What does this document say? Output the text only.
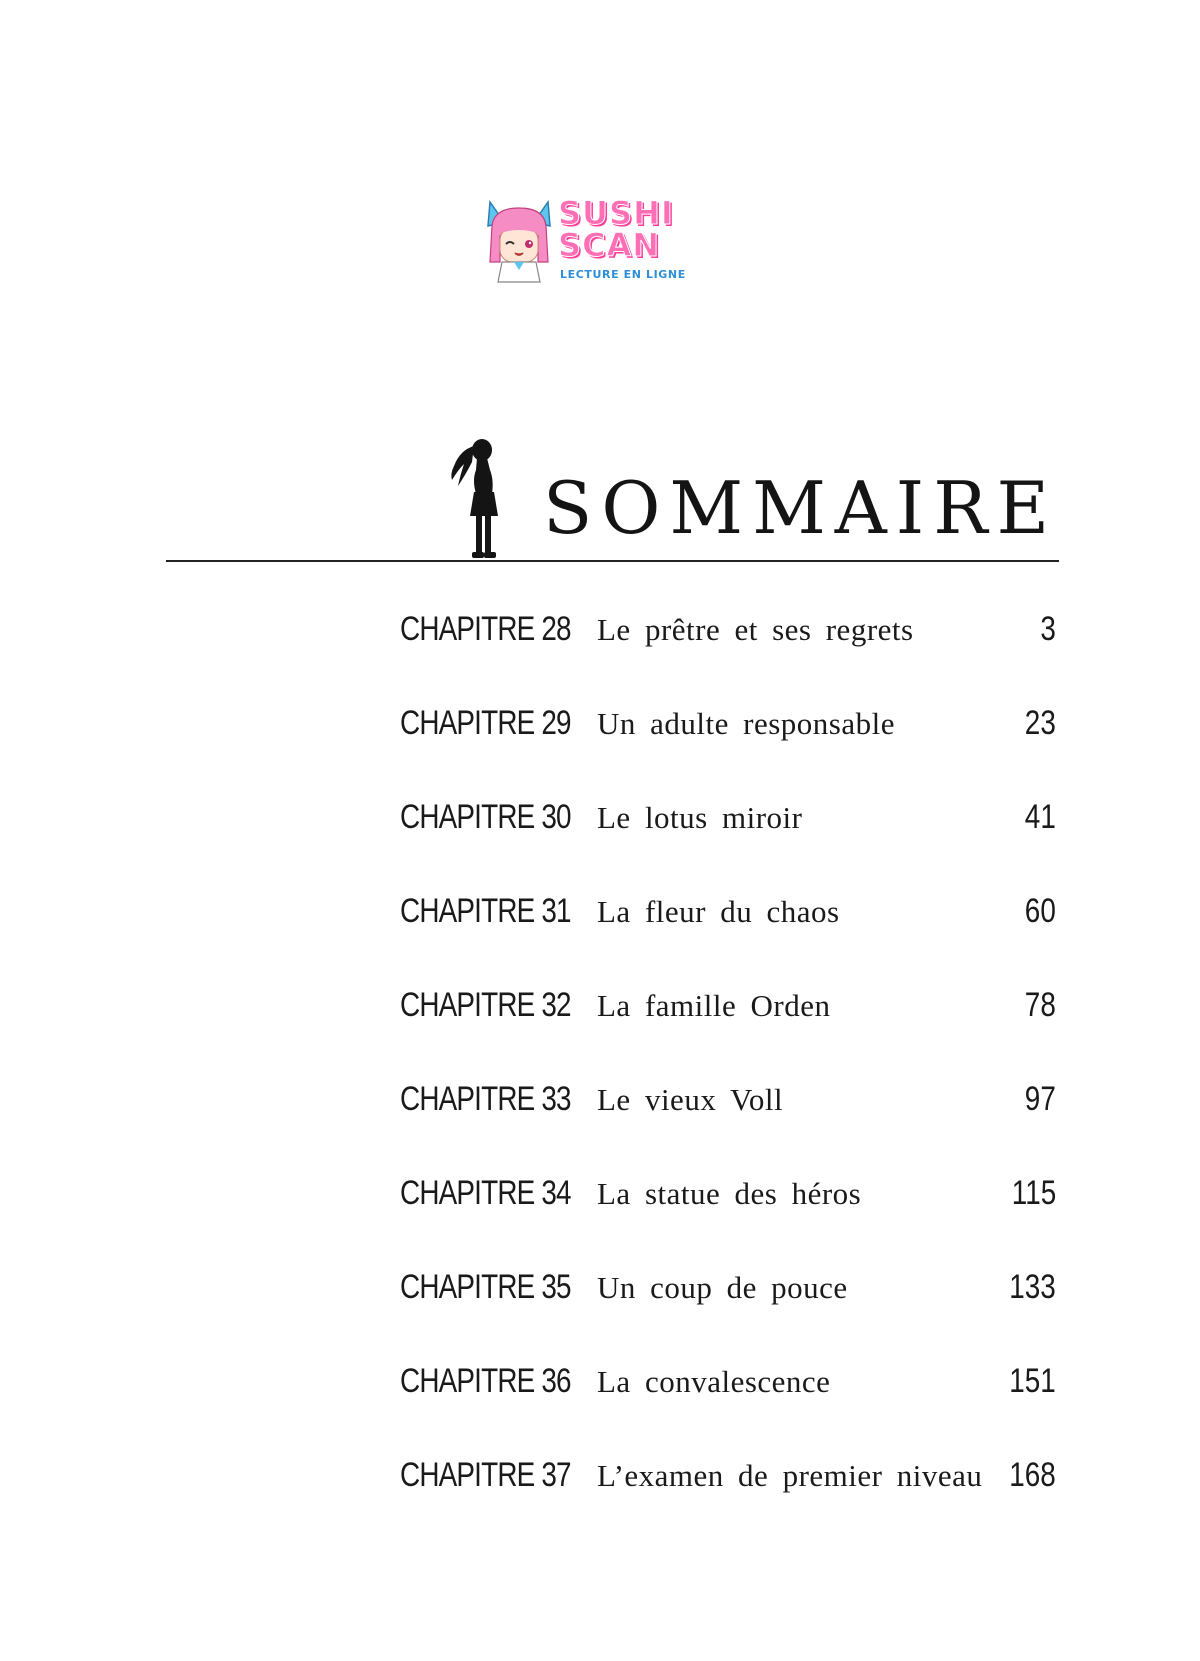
SUSHI
SCAN
LECTURE EN LIGNE
SOMMAIRE
CHAPITRE 28 Le prêtre et ses regrets	3
CHAPITRE 29 Un adulte responsable	23
CHAPITRE 30 Le lotus miroir	41
CHAPITRE 31 La fleur du chaos	60
CHAPITRE 32 La famille Orden	78
CHAPITRE 33 Le vieux Voll	97
CHAPITRE 34 La statue des héros	115
CHAPITRE 35 Un coup de pouce	133
CHAPITRE 36 La convalescence	151
CHAPITRE 37 L’examen de premier niveau 168
